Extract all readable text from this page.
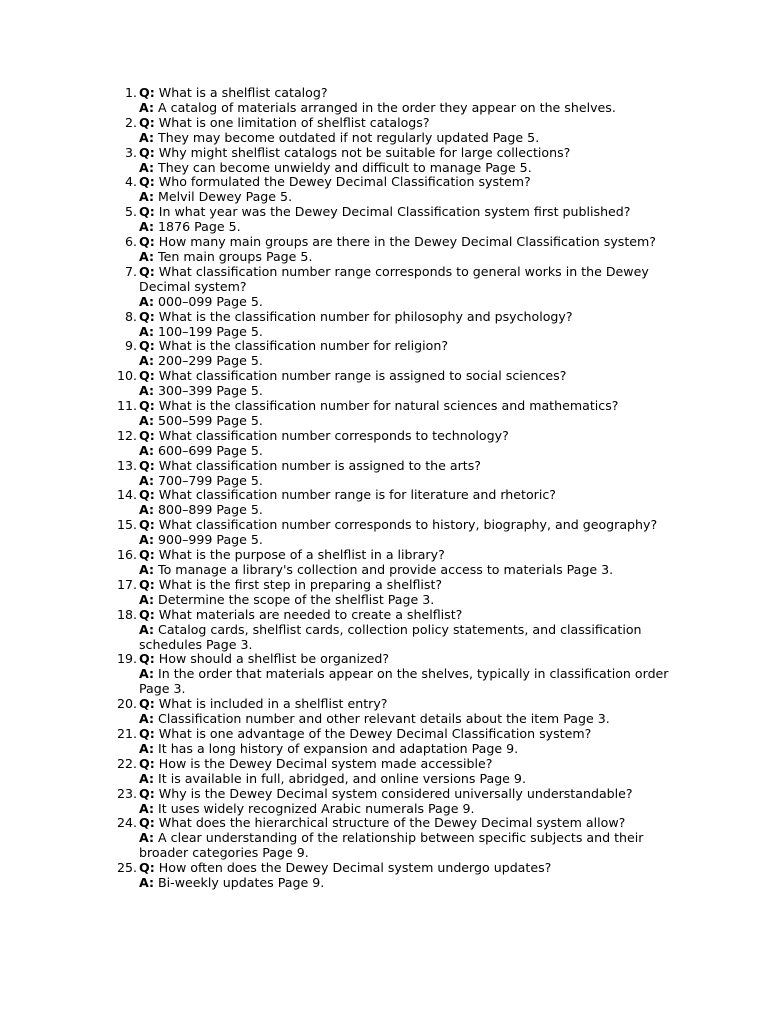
1. Q: What is a shelflist catalog?
A: A catalog of materials arranged in the order they appear on the shelves.
2. Q: What is one limitation of shelflist catalogs?
A: They may become outdated if not regularly updated Page 5.
3. Q: Why might shelflist catalogs not be suitable for large collections?
A: They can become unwieldy and difficult to manage Page 5.
4. Q: Who formulated the Dewey Decimal Classification system?
A: Melvil Dewey Page 5.
5. Q: In what year was the Dewey Decimal Classification system first published?
A: 1876 Page 5.
6. Q: How many main groups are there in the Dewey Decimal Classification system?
A: Ten main groups Page 5.
7. Q: What classification number range corresponds to general works in the Dewey Decimal system?
A: 000–099 Page 5.
8. Q: What is the classification number for philosophy and psychology?
A: 100–199 Page 5.
9. Q: What is the classification number for religion?
A: 200–299 Page 5.
10. Q: What classification number range is assigned to social sciences?
A: 300–399 Page 5.
11. Q: What is the classification number for natural sciences and mathematics?
A: 500–599 Page 5.
12. Q: What classification number corresponds to technology?
A: 600–699 Page 5.
13. Q: What classification number is assigned to the arts?
A: 700–799 Page 5.
14. Q: What classification number range is for literature and rhetoric?
A: 800–899 Page 5.
15. Q: What classification number corresponds to history, biography, and geography?
A: 900–999 Page 5.
16. Q: What is the purpose of a shelflist in a library?
A: To manage a library's collection and provide access to materials Page 3.
17. Q: What is the first step in preparing a shelflist?
A: Determine the scope of the shelflist Page 3.
18. Q: What materials are needed to create a shelflist?
A: Catalog cards, shelflist cards, collection policy statements, and classification schedules Page 3.
19. Q: How should a shelflist be organized?
A: In the order that materials appear on the shelves, typically in classification order Page 3.
20. Q: What is included in a shelflist entry?
A: Classification number and other relevant details about the item Page 3.
21. Q: What is one advantage of the Dewey Decimal Classification system?
A: It has a long history of expansion and adaptation Page 9.
22. Q: How is the Dewey Decimal system made accessible?
A: It is available in full, abridged, and online versions Page 9.
23. Q: Why is the Dewey Decimal system considered universally understandable?
A: It uses widely recognized Arabic numerals Page 9.
24. Q: What does the hierarchical structure of the Dewey Decimal system allow?
A: A clear understanding of the relationship between specific subjects and their broader categories Page 9.
25. Q: How often does the Dewey Decimal system undergo updates?
A: Bi-weekly updates Page 9.
